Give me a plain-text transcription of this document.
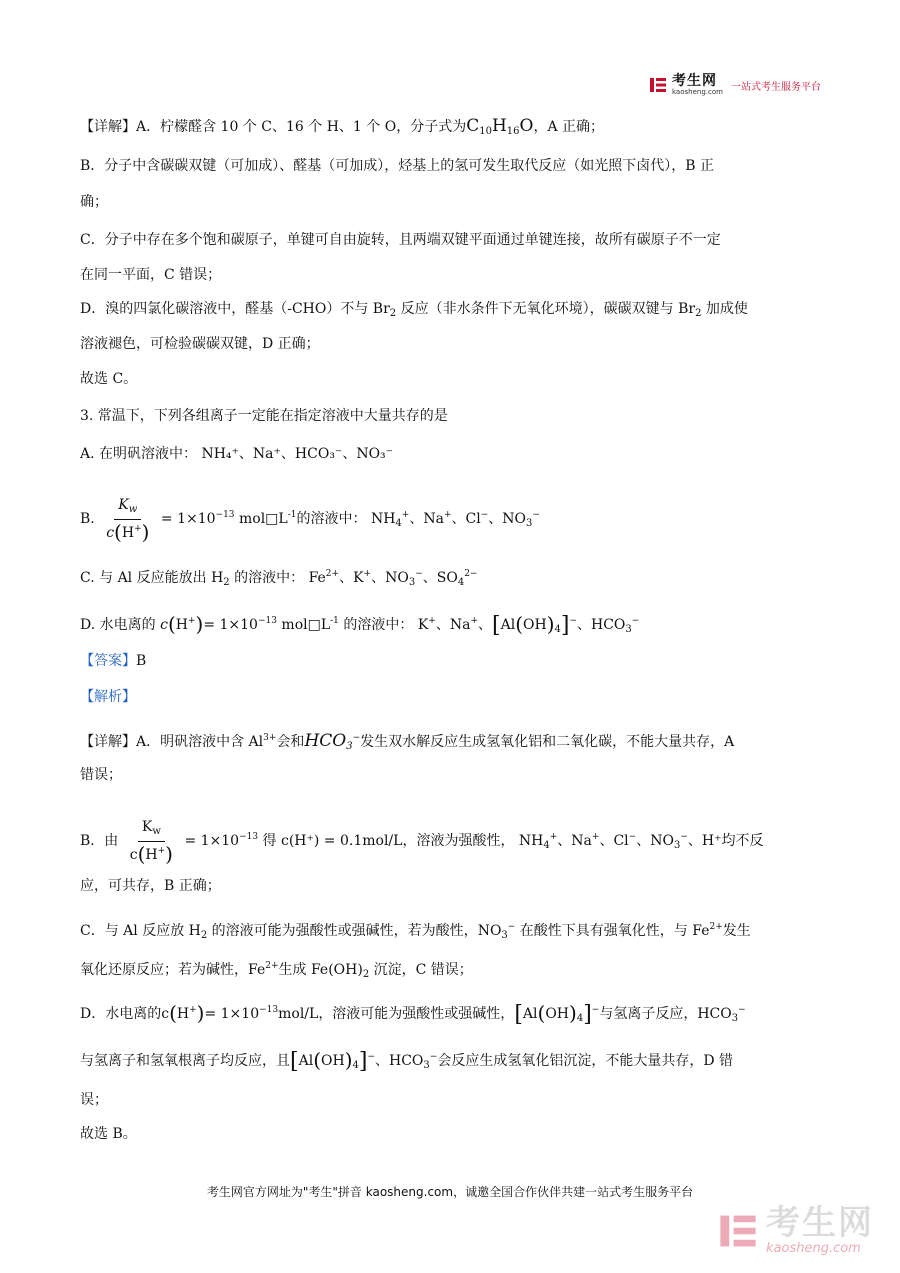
考生网
kaosheng.com 一站式考生服务平台
【详解】A．柠檬醛含 10 个 C、16 个 H、1 个 O，分子式为$C_{10}H_{16}O$，A 正确；
B．分子中含碳碳双键（可加成）、醛基（可加成），烃基上的氢可发生取代反应（如光照下卤代），B 正
确；
C．分子中存在多个饱和碳原子，单键可自由旋转，且两端双键平面通过单键连接，故所有碳原子不一定
在同一平面，C 错误；
D．溴的四氯化碳溶液中，醛基（-CHO）不与 $Br_2$ 反应（非水条件下无氧化环境），碳碳双键与 $Br_2$ 加成使
溶液褪色，可检验碳碳双键，D 正确；
故选 C。
3. 常温下，下列各组离子一定能在指定溶液中大量共存的是
A. 在明矾溶液中： NH₄⁺、Na⁺、HCO₃⁻、NO₃⁻
B. $\frac{K_w}{c(H^+)} = 1\times 10^{-13}$ $mol□L^{-1}$的溶液中： $NH_4^+$、Na+、Cl−、$NO_3^-$
C. 与 Al 反应能放出 $H_2$ 的溶液中： $Fe^{2+}$、K+、$NO_3^-$、$SO_4^{2-}$
D. 水电离的 $c(H^+)= 1\times 10^{-13}$ $mol□L^{-1}$ 的溶液中： K+、Na+、$[Al(OH)_4]^-$、$HCO_3^-$
【答案】B
【解析】
【详解】A．明矾溶液中含 $Al^{3+}$会和$HCO_3^-$发生双水解反应生成氢氧化铝和二氧化碳，不能大量共存，A
错误；
B．由 $\frac{K_w}{c(H^+)} = 1\times 10^{-13}$ 得 c(H⁺) = 0.1mol/L，溶液为强酸性， $NH_4^+$、Na+、Cl−、$NO_3^-$、H⁺均不反
应，可共存，B 正确；
C．与 Al 反应放 $H_2$ 的溶液可能为强酸性或强碱性，若为酸性，$NO_3^-$ 在酸性下具有强氧化性，与 $Fe^{2+}$发生
氧化还原反应；若为碱性，$Fe^{2+}$生成 $Fe(OH)_2$ 沉淀，C 错误；
D．水电离的$c(H^+)= 1\times 10^{-13}mol/L$，溶液可能为强酸性或强碱性，$[Al(OH)_4]^-$与氢离子反应，$HCO_3^-$
与氢离子和氢氧根离子均反应，且$[Al(OH)_4]^-$、$HCO_3^-$会反应生成氢氧化铝沉淀，不能大量共存，D 错
误；
故选 B。
考生网官方网址为"考生"拼音 kaosheng.com，诚邀全国合作伙伴共建一站式考生服务平台
考生网
kaosheng.com
